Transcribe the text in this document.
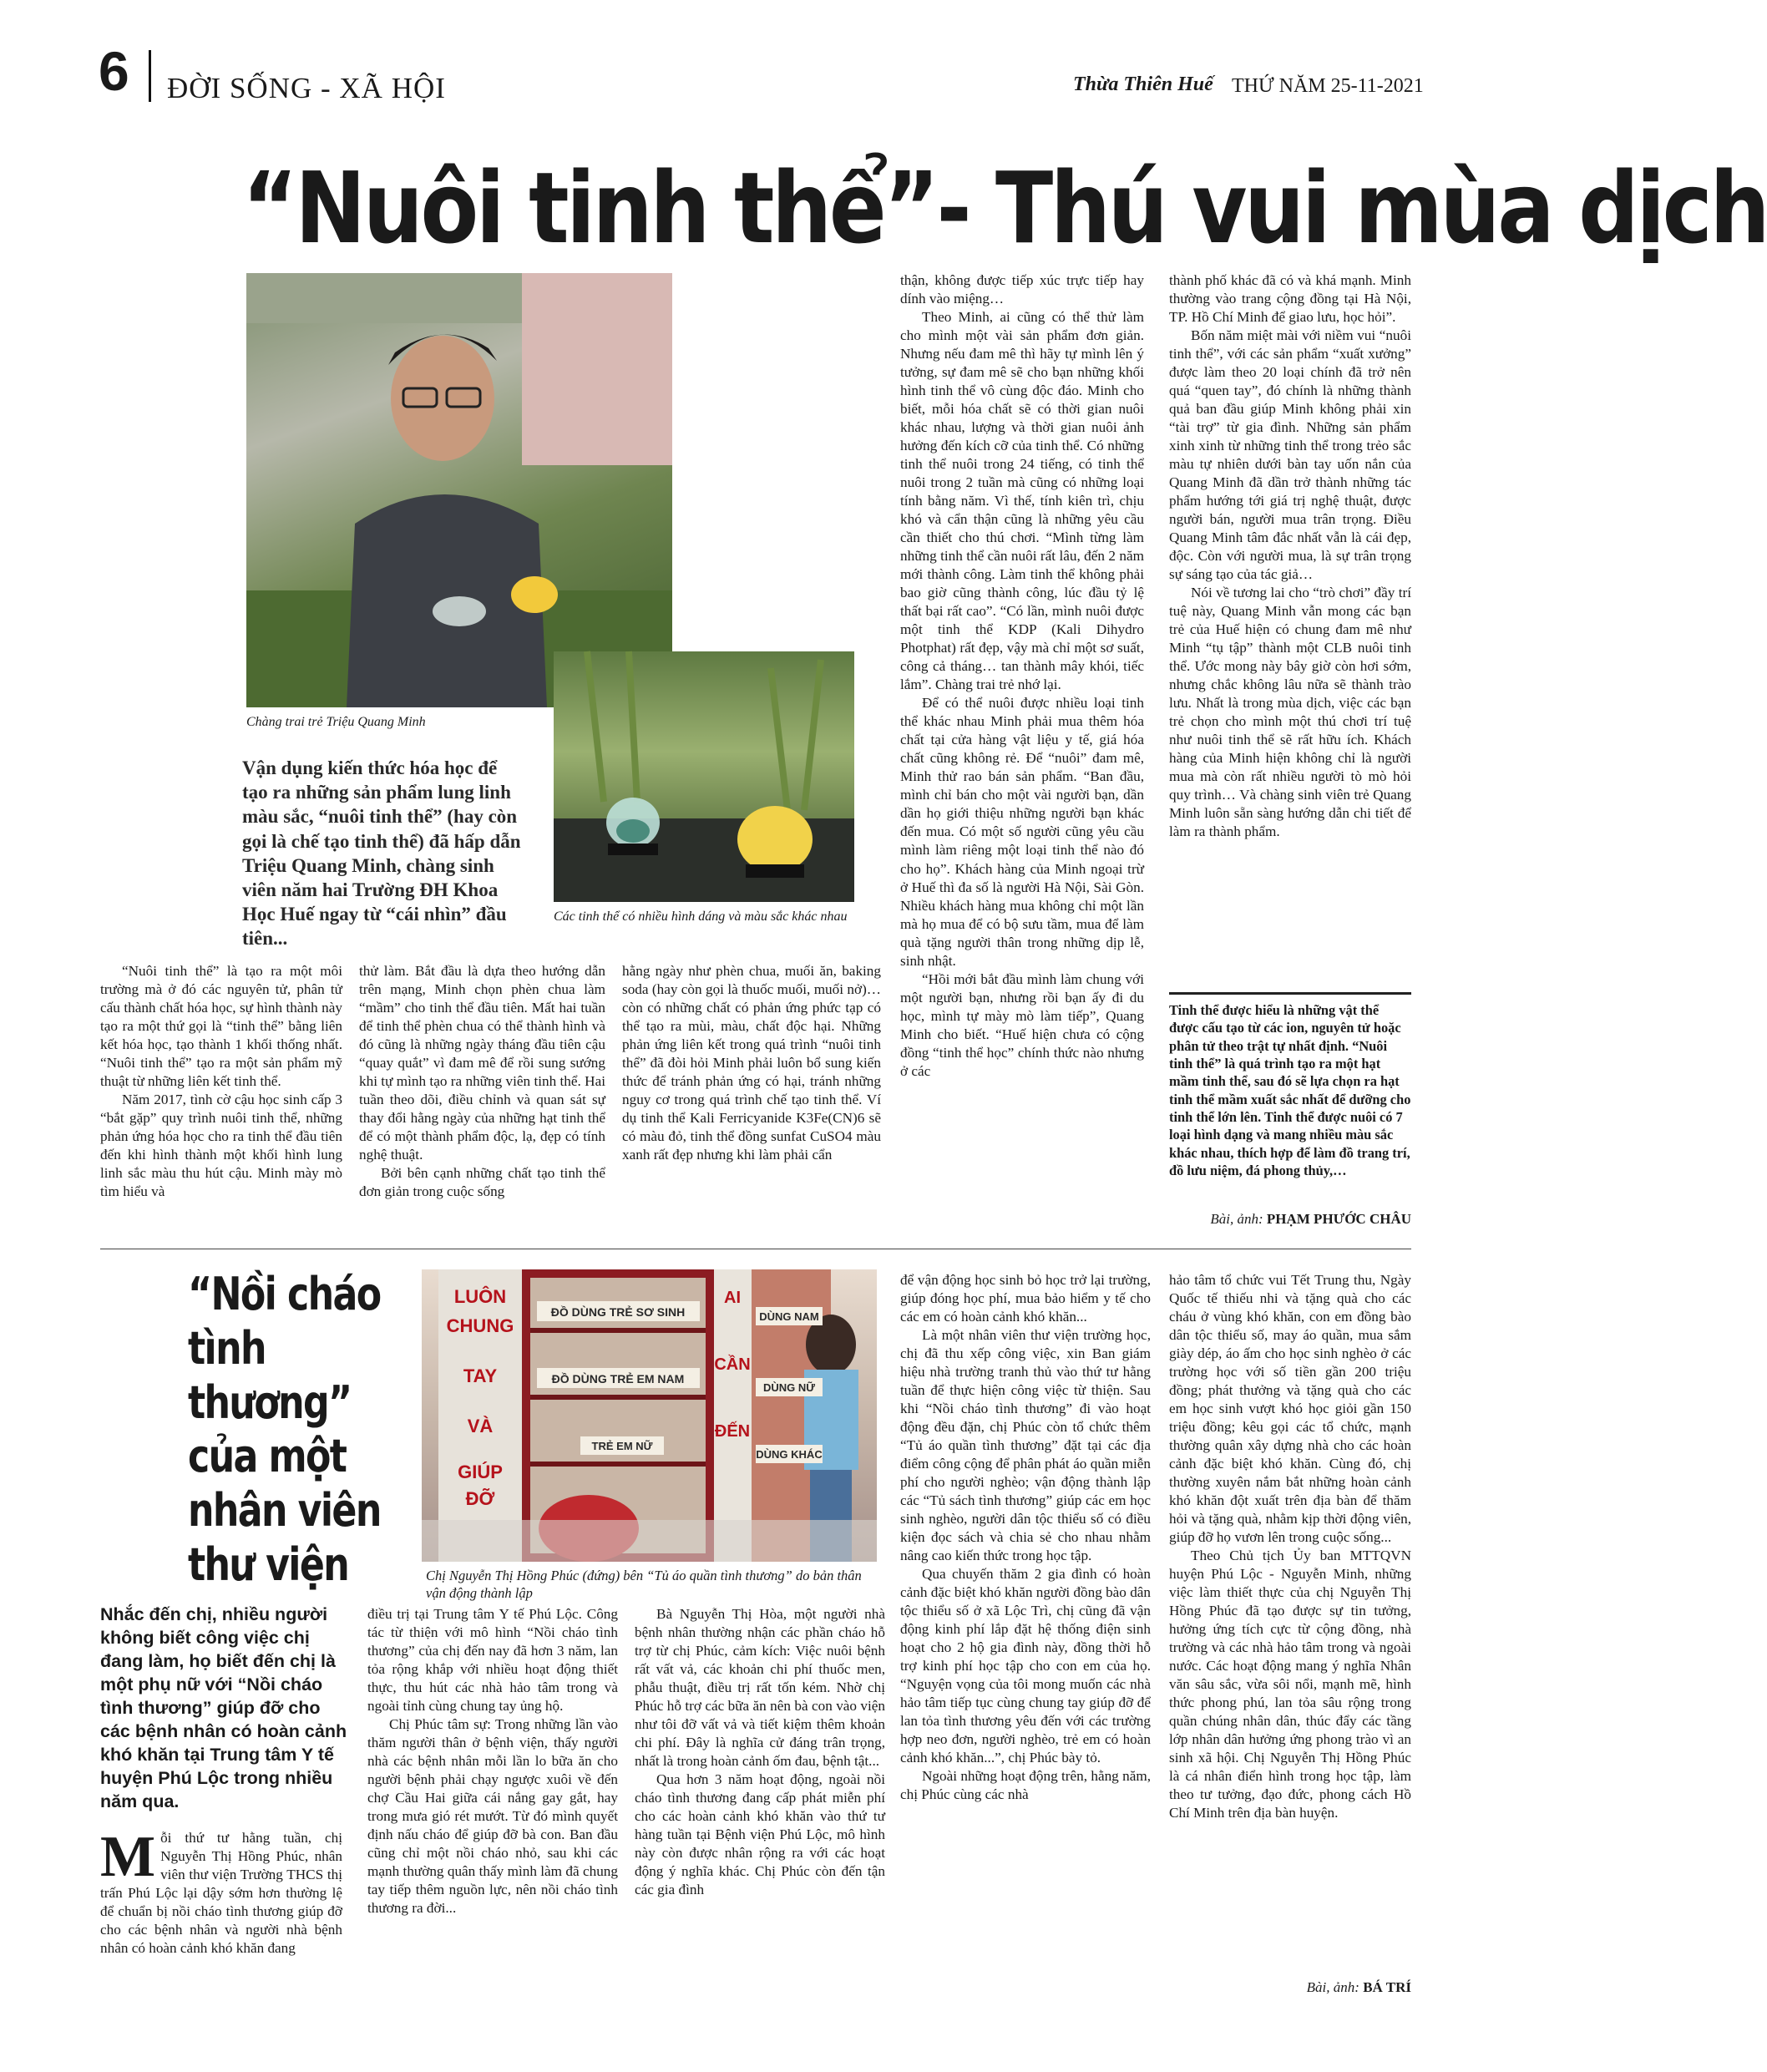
6 ĐỜI SỐNG - XÃ HỘI	Thừa Thiên Huế THỨ NĂM 25-11-2021
“Nuôi tinh thể”- Thú vui mùa dịch
Chàng trai trẻ Triệu Quang Minh
Các tinh thể có nhiều hình dáng và màu sắc khác nhau
Vận dụng kiến thức hóa học để tạo ra những sản phẩm lung linh màu sắc, “nuôi tinh thể” (hay còn gọi là chế tạo tinh thể) đã hấp dẫn Triệu Quang Minh, chàng sinh viên năm hai Trường ĐH Khoa Học Huế ngay từ “cái nhìn” đầu tiên...

“Nuôi tinh thể” là tạo ra một môi trường mà ở đó các nguyên tử, phân tử cấu thành chất hóa học, sự hình thành này tạo ra một thứ gọi là “tinh thể” bằng liên kết hóa học, tạo thành 1 khối thống nhất. “Nuôi tinh thể” tạo ra một sản phẩm mỹ thuật từ những liên kết tinh thể.

Năm 2017, tình cờ cậu học sinh cấp 3 “bắt gặp” quy trình nuôi tinh thể, những phản ứng hóa học cho ra tinh thể đầu tiên đến khi hình thành một khối hình lung linh sắc màu thu hút cậu. Minh mày mò tìm hiểu và

thử làm. Bắt đầu là dựa theo hướng dẫn trên mạng, Minh chọn phèn chua làm “mầm” cho tinh thể đầu tiên. Mất hai tuần để tinh thể phèn chua có thể thành hình và đó cũng là những ngày tháng đầu tiên cậu “quay quắt” vì đam mê để rồi sung sướng khi tự mình tạo ra những viên tinh thể. Hai tuần theo dõi, điều chỉnh và quan sát sự thay đổi hằng ngày của những hạt tinh thể để có một thành phẩm độc, lạ, đẹp có tính nghệ thuật.

Bởi bên cạnh những chất tạo tinh thể đơn giản trong cuộc sống

hằng ngày như phèn chua, muối ăn, baking soda (hay còn gọi là thuốc muối, muối nở)… còn có những chất có phản ứng phức tạp có thể tạo ra mùi, màu, chất độc hại. Những phản ứng liên kết trong quá trình “nuôi tinh thể” đã đòi hỏi Minh phải luôn bổ sung kiến thức để tránh phản ứng có hại, tránh những nguy cơ trong quá trình chế tạo tinh thể. Ví dụ tinh thể Kali Ferricyanide K3Fe(CN)6 sẽ có màu đỏ, tinh thể đồng sunfat CuSO4 màu xanh rất đẹp nhưng khi làm phải cẩn

thận, không được tiếp xúc trực tiếp hay dính vào miệng…

Theo Minh, ai cũng có thể thử làm cho mình một vài sản phẩm đơn giản. Nhưng nếu đam mê thì hãy tự mình lên ý tưởng, sự đam mê sẽ cho bạn những khối hình tinh thể vô cùng độc đáo. Minh cho biết, mỗi hóa chất sẽ có thời gian nuôi khác nhau, lượng và thời gian nuôi ảnh hưởng đến kích cỡ của tinh thể. Có những tinh thể nuôi trong 24 tiếng, có tinh thể nuôi trong 2 tuần mà cũng có những loại tính bằng năm. Vì thế, tính kiên trì, chịu khó và cẩn thận cũng là những yêu cầu cần thiết cho thú chơi. “Mình từng làm những tinh thể cần nuôi rất lâu, đến 2 năm mới thành công. Làm tinh thể không phải bao giờ cũng thành công, lúc đầu tỷ lệ thất bại rất cao”. “Có lần, mình nuôi được một tinh thể KDP (Kali Dihydro Photphat) rất đẹp, vậy mà chỉ một sơ suất, công cả tháng… tan thành mây khói, tiếc lắm”. Chàng trai trẻ nhớ lại.

Để có thể nuôi được nhiều loại tinh thể khác nhau Minh phải mua thêm hóa chất tại cửa hàng vật liệu y tế, giá hóa chất cũng không rẻ. Để “nuôi” đam mê, Minh thử rao bán sản phẩm. “Ban đầu, mình chỉ bán cho một vài người bạn, dần dần họ giới thiệu những người bạn khác đến mua. Có một số người cũng yêu cầu mình làm riêng một loại tinh thể nào đó cho họ”. Khách hàng của Minh ngoại trừ ở Huế thì đa số là người Hà Nội, Sài Gòn. Nhiều khách hàng mua không chỉ một lần mà họ mua để có bộ sưu tầm, mua để làm quà tặng người thân trong những dịp lễ, sinh nhật.

“Hồi mới bắt đầu mình làm chung với một người bạn, nhưng rồi bạn ấy đi du học, mình tự mày mò làm tiếp”, Quang Minh cho biết. “Huế hiện chưa có cộng đồng “tinh thể học” chính thức nào nhưng ở các

thành phố khác đã có và khá mạnh. Minh thường vào trang cộng đồng tại Hà Nội, TP. Hồ Chí Minh để giao lưu, học hỏi”.

Bốn năm miệt mài với niềm vui “nuôi tinh thể”, với các sản phẩm “xuất xưởng” được làm theo 20 loại chính đã trở nên quá “quen tay”, đó chính là những thành quả ban đầu giúp Minh không phải xin “tài trợ” từ gia đình. Những sản phẩm xinh xinh từ những tinh thể trong trẻo sắc màu tự nhiên dưới bàn tay uốn nắn của Quang Minh đã dần trở thành những tác phẩm hướng tới giá trị nghệ thuật, được người bán, người mua trân trọng. Điều Quang Minh tâm đắc nhất vẫn là cái đẹp, độc. Còn với người mua, là sự trân trọng sự sáng tạo của tác giả…

Nói về tương lai cho “trò chơi” đầy trí tuệ này, Quang Minh vẫn mong các bạn trẻ của Huế hiện có chung đam mê như Minh “tụ tập” thành một CLB nuôi tinh thể. Ước mong này bây giờ còn hơi sớm, nhưng chắc không lâu nữa sẽ thành trào lưu. Nhất là trong mùa dịch, việc các bạn trẻ chọn cho mình một thú chơi trí tuệ như nuôi tinh thể sẽ rất hữu ích. Khách hàng của Minh hiện không chỉ là người mua mà còn rất nhiều người tò mò hỏi quy trình… Và chàng sinh viên trẻ Quang Minh luôn sẵn sàng hướng dẫn chi tiết để làm ra thành phẩm.

Tinh thể được hiểu là những vật thể được cấu tạo từ các ion, nguyên tử hoặc phân tử theo trật tự nhất định. “Nuôi tinh thể” là quá trình tạo ra một hạt mầm tinh thể, sau đó sẽ lựa chọn ra hạt tinh thể mầm xuất sắc nhất để dưỡng cho tinh thể lớn lên. Tinh thể được nuôi có 7 loại hình dạng và mang nhiều màu sắc khác nhau, thích hợp để làm đồ trang trí, đồ lưu niệm, đá phong thủy,…
Bài, ảnh: PHẠM PHƯỚC CHÂU
“Nồi cháo tình thương” của một nhân viên thư viện
LUÔN
CHUNG
TAY
VÀ
GIÚP
ĐỠ
ĐỒ DÙNG TRẺ SƠ SINH
ĐỒ DÙNG TRẺ EM NAM
TRẺ EM NỮ
AI
CẦN
ĐẾN
DÙNG NAM
DÙNG NỮ
DÙNG KHÁC
Chị Nguyễn Thị Hồng Phúc (đứng) bên “Tủ áo quần tình thương” do bản thân vận động thành lập
Nhắc đến chị, nhiều người không biết công việc chị đang làm, họ biết đến chị là một phụ nữ với “Nồi cháo tình thương” giúp đỡ cho các bệnh nhân có hoàn cảnh khó khăn tại Trung tâm Y tế huyện Phú Lộc trong nhiều năm qua.

Mỗi thứ tư hằng tuần, chị Nguyễn Thị Hồng Phúc, nhân viên thư viện Trường THCS thị trấn Phú Lộc lại dậy sớm hơn thường lệ để chuẩn bị nồi cháo tình thương giúp đỡ cho các bệnh nhân và người nhà bệnh nhân có hoàn cảnh khó khăn đang

điều trị tại Trung tâm Y tế Phú Lộc. Công tác từ thiện với mô hình “Nồi cháo tình thương” của chị đến nay đã hơn 3 năm, lan tỏa rộng khắp với nhiều hoạt động thiết thực, thu hút các nhà hảo tâm trong và ngoài tỉnh cùng chung tay ủng hộ.

Chị Phúc tâm sự: Trong những lần vào thăm người thân ở bệnh viện, thấy người nhà các bệnh nhân mỗi lần lo bữa ăn cho người bệnh phải chạy ngược xuôi về đến chợ Cầu Hai giữa cái nắng gay gắt, hay trong mưa gió rét mướt. Từ đó mình quyết định nấu cháo để giúp đỡ bà con. Ban đầu cũng chỉ một nồi cháo nhỏ, sau khi các mạnh thường quân thấy mình làm đã chung tay tiếp thêm nguồn lực, nên nồi cháo tình thương ra đời...

Bà Nguyễn Thị Hòa, một người nhà bệnh nhân thường nhận các phần cháo hỗ trợ từ chị Phúc, cảm kích: Việc nuôi bệnh rất vất vả, các khoản chi phí thuốc men, phẫu thuật, điều trị rất tốn kém. Nhờ chị Phúc hỗ trợ các bữa ăn nên bà con vào viện như tôi đỡ vất vả và tiết kiệm thêm khoản chi phí. Đây là nghĩa cử đáng trân trọng, nhất là trong hoàn cảnh ốm đau, bệnh tật...

Qua hơn 3 năm hoạt động, ngoài nồi cháo tình thương đang cấp phát miễn phí cho các hoàn cảnh khó khăn vào thứ tư hàng tuần tại Bệnh viện Phú Lộc, mô hình này còn được nhân rộng ra với các hoạt động ý nghĩa khác. Chị Phúc còn đến tận các gia đình

để vận động học sinh bỏ học trở lại trường, giúp đóng học phí, mua bảo hiểm y tế cho các em có hoàn cảnh khó khăn...

Là một nhân viên thư viện trường học, chị đã thu xếp công việc, xin Ban giám hiệu nhà trường tranh thủ vào thứ tư hằng tuần để thực hiện công việc từ thiện. Sau khi “Nồi cháo tình thương” đi vào hoạt động đều đặn, chị Phúc còn tổ chức thêm “Tủ áo quần tình thương” đặt tại các địa điểm công cộng để phân phát áo quần miễn phí cho người nghèo; vận động thành lập các “Tủ sách tình thương” giúp các em học sinh nghèo, người dân tộc thiểu số có điều kiện đọc sách và chia sẻ cho nhau nhằm nâng cao kiến thức trong học tập.

Qua chuyến thăm 2 gia đình có hoàn cảnh đặc biệt khó khăn người đồng bào dân tộc thiểu số ở xã Lộc Trì, chị cũng đã vận động kinh phí lắp đặt hệ thống điện sinh hoạt cho 2 hộ gia đình này, đồng thời hỗ trợ kinh phí học tập cho con em của họ. “Nguyện vọng của tôi mong muốn các nhà hảo tâm tiếp tục cùng chung tay giúp đỡ để lan tỏa tình thương yêu đến với các trường hợp neo đơn, người nghèo, trẻ em có hoàn cảnh khó khăn...”, chị Phúc bày tỏ.

Ngoài những hoạt động trên, hằng năm, chị Phúc cùng các nhà

hảo tâm tổ chức vui Tết Trung thu, Ngày Quốc tế thiếu nhi và tặng quà cho các cháu ở vùng khó khăn, con em đồng bào dân tộc thiểu số, may áo quần, mua sắm giày dép, áo ấm cho học sinh nghèo ở các trường học với số tiền gần 200 triệu đồng; phát thưởng và tặng quà cho các em học sinh vượt khó học giỏi gần 150 triệu đồng; kêu gọi các tổ chức, mạnh thường quân xây dựng nhà cho các hoàn cảnh đặc biệt khó khăn. Cùng đó, chị thường xuyên nắm bắt những hoàn cảnh khó khăn đột xuất trên địa bàn để thăm hỏi và tặng quà, nhằm kịp thời động viên, giúp đỡ họ vươn lên trong cuộc sống...

Theo Chủ tịch Ủy ban MTTQVN huyện Phú Lộc - Nguyễn Minh, những việc làm thiết thực của chị Nguyễn Thị Hồng Phúc đã tạo được sự tin tưởng, hưởng ứng tích cực từ cộng đồng, nhà trường và các nhà hảo tâm trong và ngoài nước. Các hoạt động mang ý nghĩa Nhân văn sâu sắc, vừa sôi nổi, mạnh mẽ, hình thức phong phú, lan tỏa sâu rộng trong quần chúng nhân dân, thúc đẩy các tầng lớp nhân dân hưởng ứng phong trào vì an sinh xã hội. Chị Nguyễn Thị Hồng Phúc là cá nhân điển hình trong học tập, làm theo tư tưởng, đạo đức, phong cách Hồ Chí Minh trên địa bàn huyện.

Bài, ảnh: BÁ TRÍ
